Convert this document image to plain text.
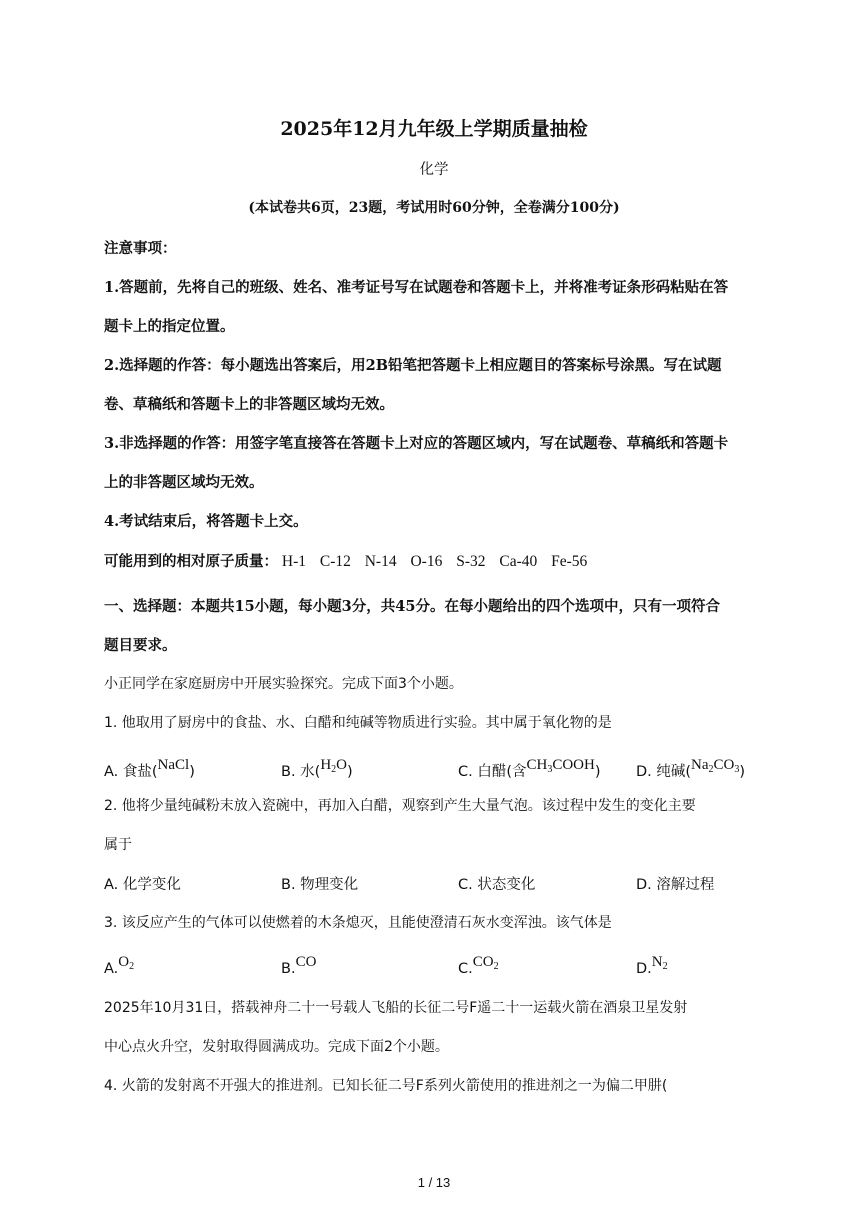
2025年12月九年级上学期质量抽检
化学
(本试卷共6页，23题，考试用时60分钟，全卷满分100分)
注意事项：
1.答题前，先将自己的班级、姓名、准考证号写在试题卷和答题卡上，并将准考证条形码粘贴在答
题卡上的指定位置。
2.选择题的作答：每小题选出答案后，用2B铅笔把答题卡上相应题目的答案标号涂黑。写在试题
卷、草稿纸和答题卡上的非答题区域均无效。
3.非选择题的作答：用签字笔直接答在答题卡上对应的答题区域内，写在试题卷、草稿纸和答题卡
上的非答题区域均无效。
4.考试结束后，将答题卡上交。
可能用到的相对原子质量： H-1 C-12 N-14 O-16 S-32 Ca-40 Fe-56
一、选择题：本题共15小题，每小题3分，共45分。在每小题给出的四个选项中，只有一项符合
题目要求。
小正同学在家庭厨房中开展实验探究。完成下面3个小题。
1. 他取用了厨房中的食盐、水、白醋和纯碱等物质进行实验。其中属于氧化物的是
A. 食盐(NaCl)	B. 水$(H_2O)$	C. 白醋(含$CH_3COOH$) D. 纯碱$(Na_2CO_3)$
2. 他将少量纯碱粉末放入瓷碗中，再加入白醋，观察到产生大量气泡。该过程中发生的变化主要
属于
A. 化学变化	B. 物理变化	C. 状态变化	D. 溶解过程
3. 该反应产生的气体可以使燃着的木条熄灭，且能使澄清石灰水变浑浊。该气体是
$A.O_2$	B.CO	$C.CO_2$	$D.N_2$
2025年10月31日，搭载神舟二十一号载人飞船的长征二号F遥二十一运载火箭在酒泉卫星发射
中心点火升空，发射取得圆满成功。完成下面2个小题。
4. 火箭的发射离不开强大的推进剂。已知长征二号F系列火箭使用的推进剂之一为偏二甲肼(
1 / 13
